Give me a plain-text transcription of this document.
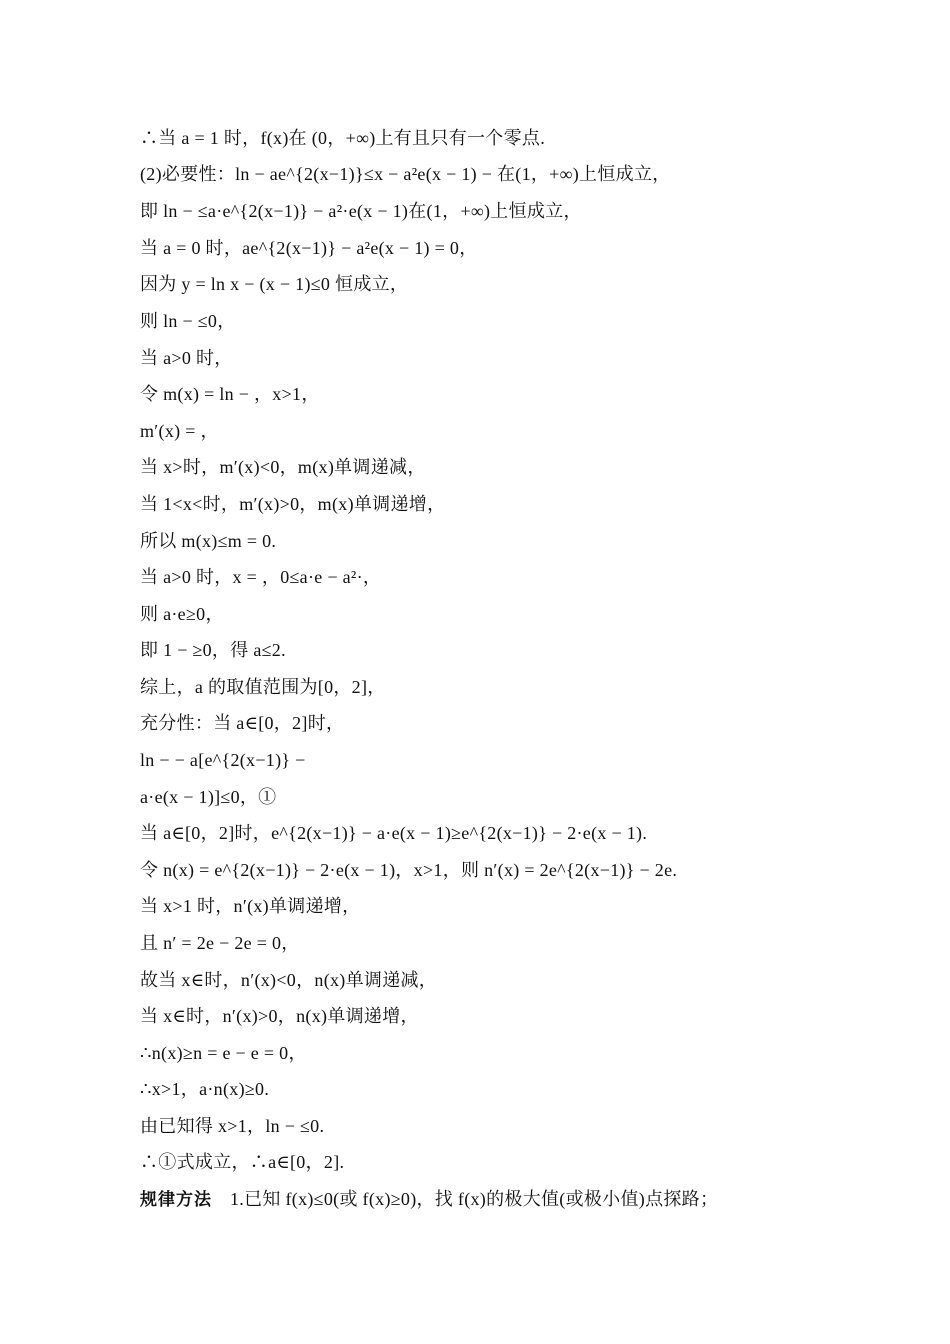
∴当 a = 1 时，f(x)在 (0，+∞)上有且只有一个零点.
(2)必要性：ln − ae^{2(x−1)}≤x − a²e(x − 1) − 在(1，+∞)上恒成立，
即 ln − ≤a·e^{2(x−1)} − a²·e(x − 1)在(1，+∞)上恒成立，
当 a = 0 时，ae^{2(x−1)} − a²e(x − 1) = 0，
因为 y = ln x − (x − 1)≤0 恒成立，
则 ln − ≤0，
当 a>0 时，
令 m(x) = ln − ，x>1，
m′(x) = ，
当 x>时，m′(x)<0，m(x)单调递减，
当 1<x<时，m′(x)>0，m(x)单调递增，
所以 m(x)≤m = 0.
当 a>0 时，x = ，0≤a·e − a²·，
则 a·e≥0，
即 1 − ≥0，得 a≤2.
综上，a 的取值范围为[0，2]，
充分性：当 a∈[0，2]时，
ln − − a[e^{2(x−1)} −
a·e(x − 1)]≤0，①
当 a∈[0，2]时，e^{2(x−1)} − a·e(x − 1)≥e^{2(x−1)} − 2·e(x − 1).
令 n(x) = e^{2(x−1)} − 2·e(x − 1)，x>1，则 n′(x) = 2e^{2(x−1)} − 2e.
当 x>1 时，n′(x)单调递增，
且 n′ = 2e − 2e = 0，
故当 x∈时，n′(x)<0，n(x)单调递减，
当 x∈时，n′(x)>0，n(x)单调递增，
∴n(x)≥n = e − e = 0，
∴x>1，a·n(x)≥0.
由已知得 x>1，ln − ≤0.
∴①式成立，∴a∈[0，2].
规律方法 1.已知 f(x)≤0(或 f(x)≥0)，找 f(x)的极大值(或极小值)点探路；
